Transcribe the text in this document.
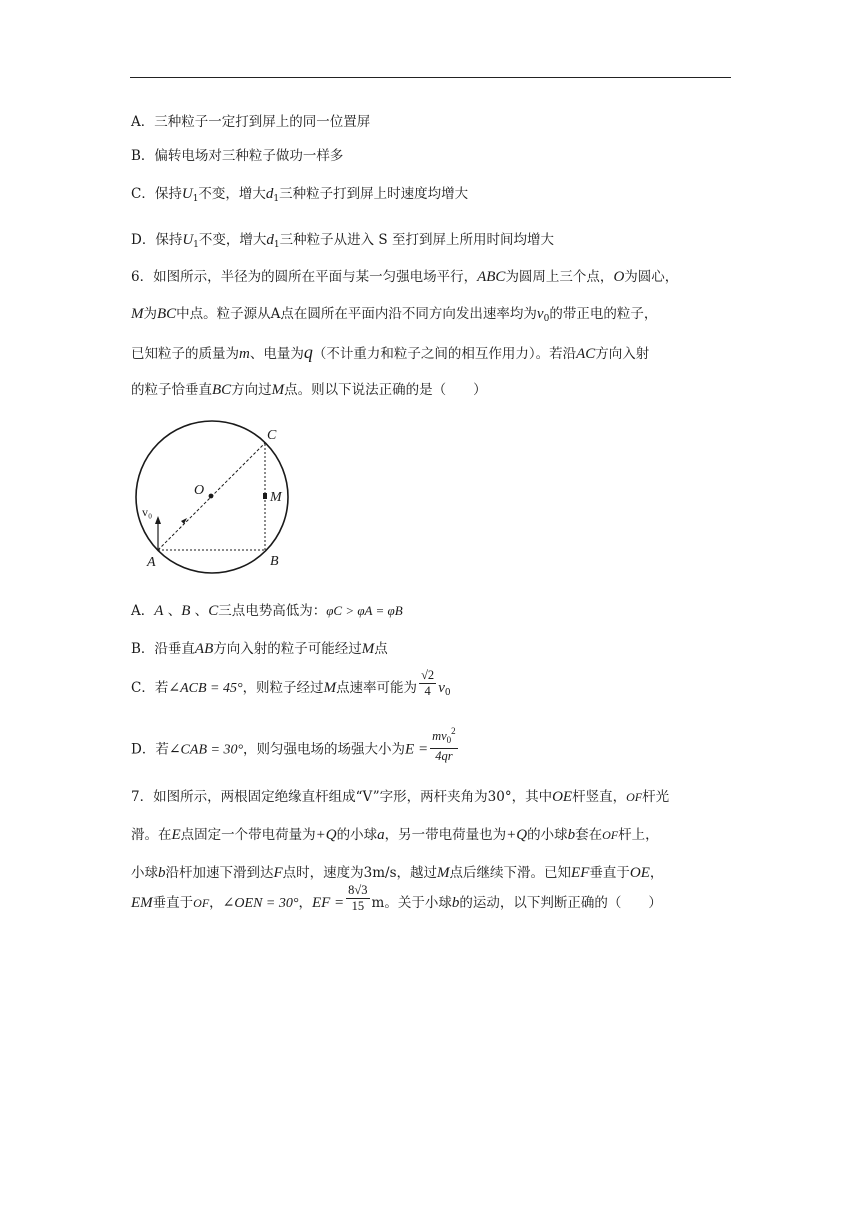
A．三种粒子一定打到屏上的同一位置屏
B．偏转电场对三种粒子做功一样多
C．保持$U_1$不变，增大$d_1$三种粒子打到屏上时速度均增大
D．保持$U_1$不变，增大$d_1$三种粒子从进入 S 至打到屏上所用时间均增大
6．如图所示，半径为的圆所在平面与某一匀强电场平行，ABC为圆周上三个点，O为圆心，
M为BC中点。粒子源从A点在圆所在平面内沿不同方向发出速率均为$v_0$的带正电的粒子，
已知粒子的质量为m、电量为q（不计重力和粒子之间的相互作用力）。若沿AC方向入射
的粒子恰垂直BC方向过M点。则以下说法正确的是（　　）
C
O	M
v₀
A	B
A．A 、B 、C三点电势高低为：φC > φA = φB
B．沿垂直AB方向入射的粒子可能经过M点
C．若∠ACB = 45°，则粒子经过M点速率可能为 $\frac{√2}{4} v_0$
D．若∠CAB = 30°，则匀强电场的场强大小为$E = \frac{mv_0^2}{4qr}$
7．如图所示，两根固定绝缘直杆组成“V”字形，两杆夹角为30°，其中OE杆竖直，OF杆光
滑。在E点固定一个带电荷量为+Q的小球a，另一带电荷量也为+Q的小球b套在OF杆上，
小球b沿杆加速下滑到达F点时，速度为3m/s，越过M点后继续下滑。已知EF垂直于OE，
EM垂直于OF，∠OEN = 30°，EF = $\frac{8√3}{15}$ m。关于小球b的运动，以下判断正确的（　　）
